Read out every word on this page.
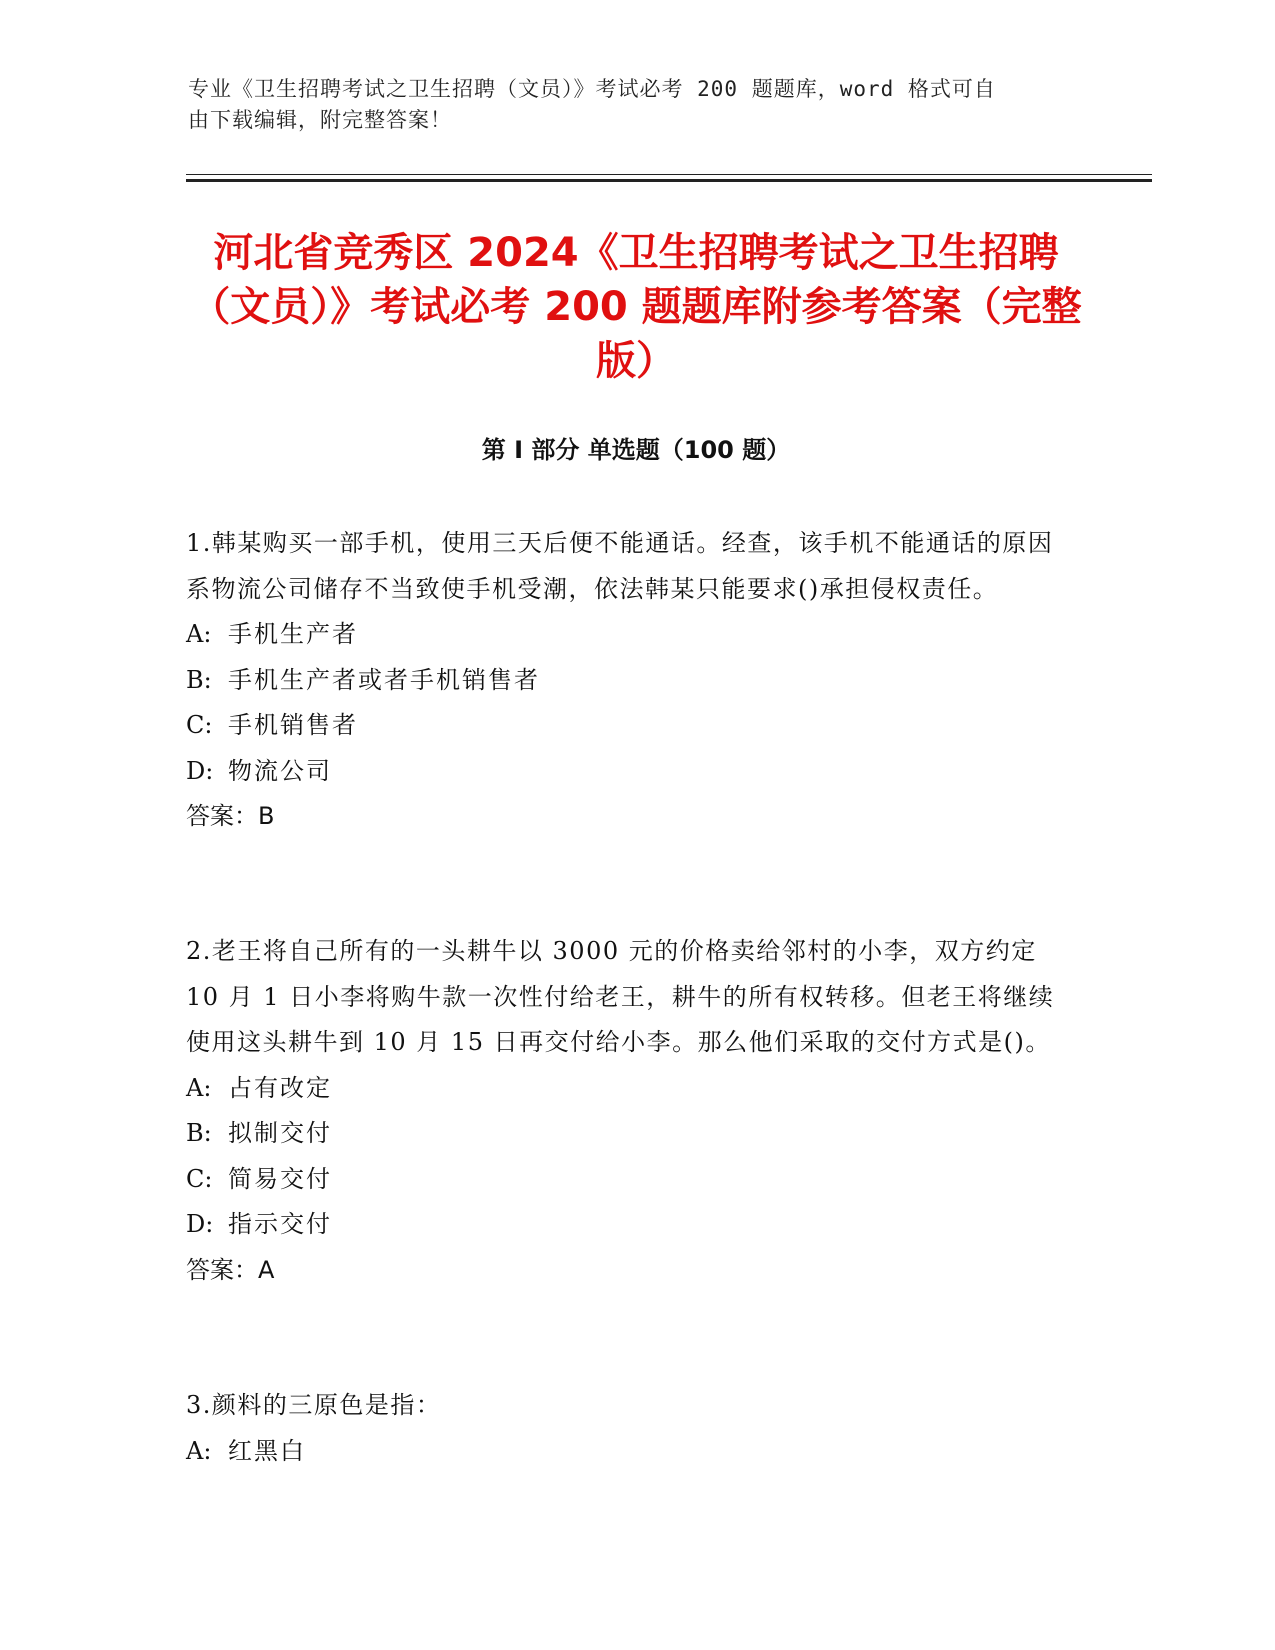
专业《卫生招聘考试之卫生招聘（文员）》考试必考 200 题题库，word 格式可自
由下载编辑，附完整答案！
河北省竞秀区 2024《卫生招聘考试之卫生招聘（文员）》考试必考 200 题题库附参考答案（完整版）
第 I 部分 单选题（100 题）

1.韩某购买一部手机，使用三天后便不能通话。经查，该手机不能通话的原因系物流公司储存不当致使手机受潮，依法韩某只能要求()承担侵权责任。

A: 手机生产者

B: 手机生产者或者手机销售者

C: 手机销售者

D: 物流公司

答案：B

2.老王将自己所有的一头耕牛以 3000 元的价格卖给邻村的小李，双方约定 10 月 1 日小李将购牛款一次性付给老王，耕牛的所有权转移。但老王将继续使用这头耕牛到 10 月 15 日再交付给小李。那么他们采取的交付方式是()。

A: 占有改定

B: 拟制交付

C: 简易交付

D: 指示交付

答案：A

3.颜料的三原色是指：

A: 红黑白
